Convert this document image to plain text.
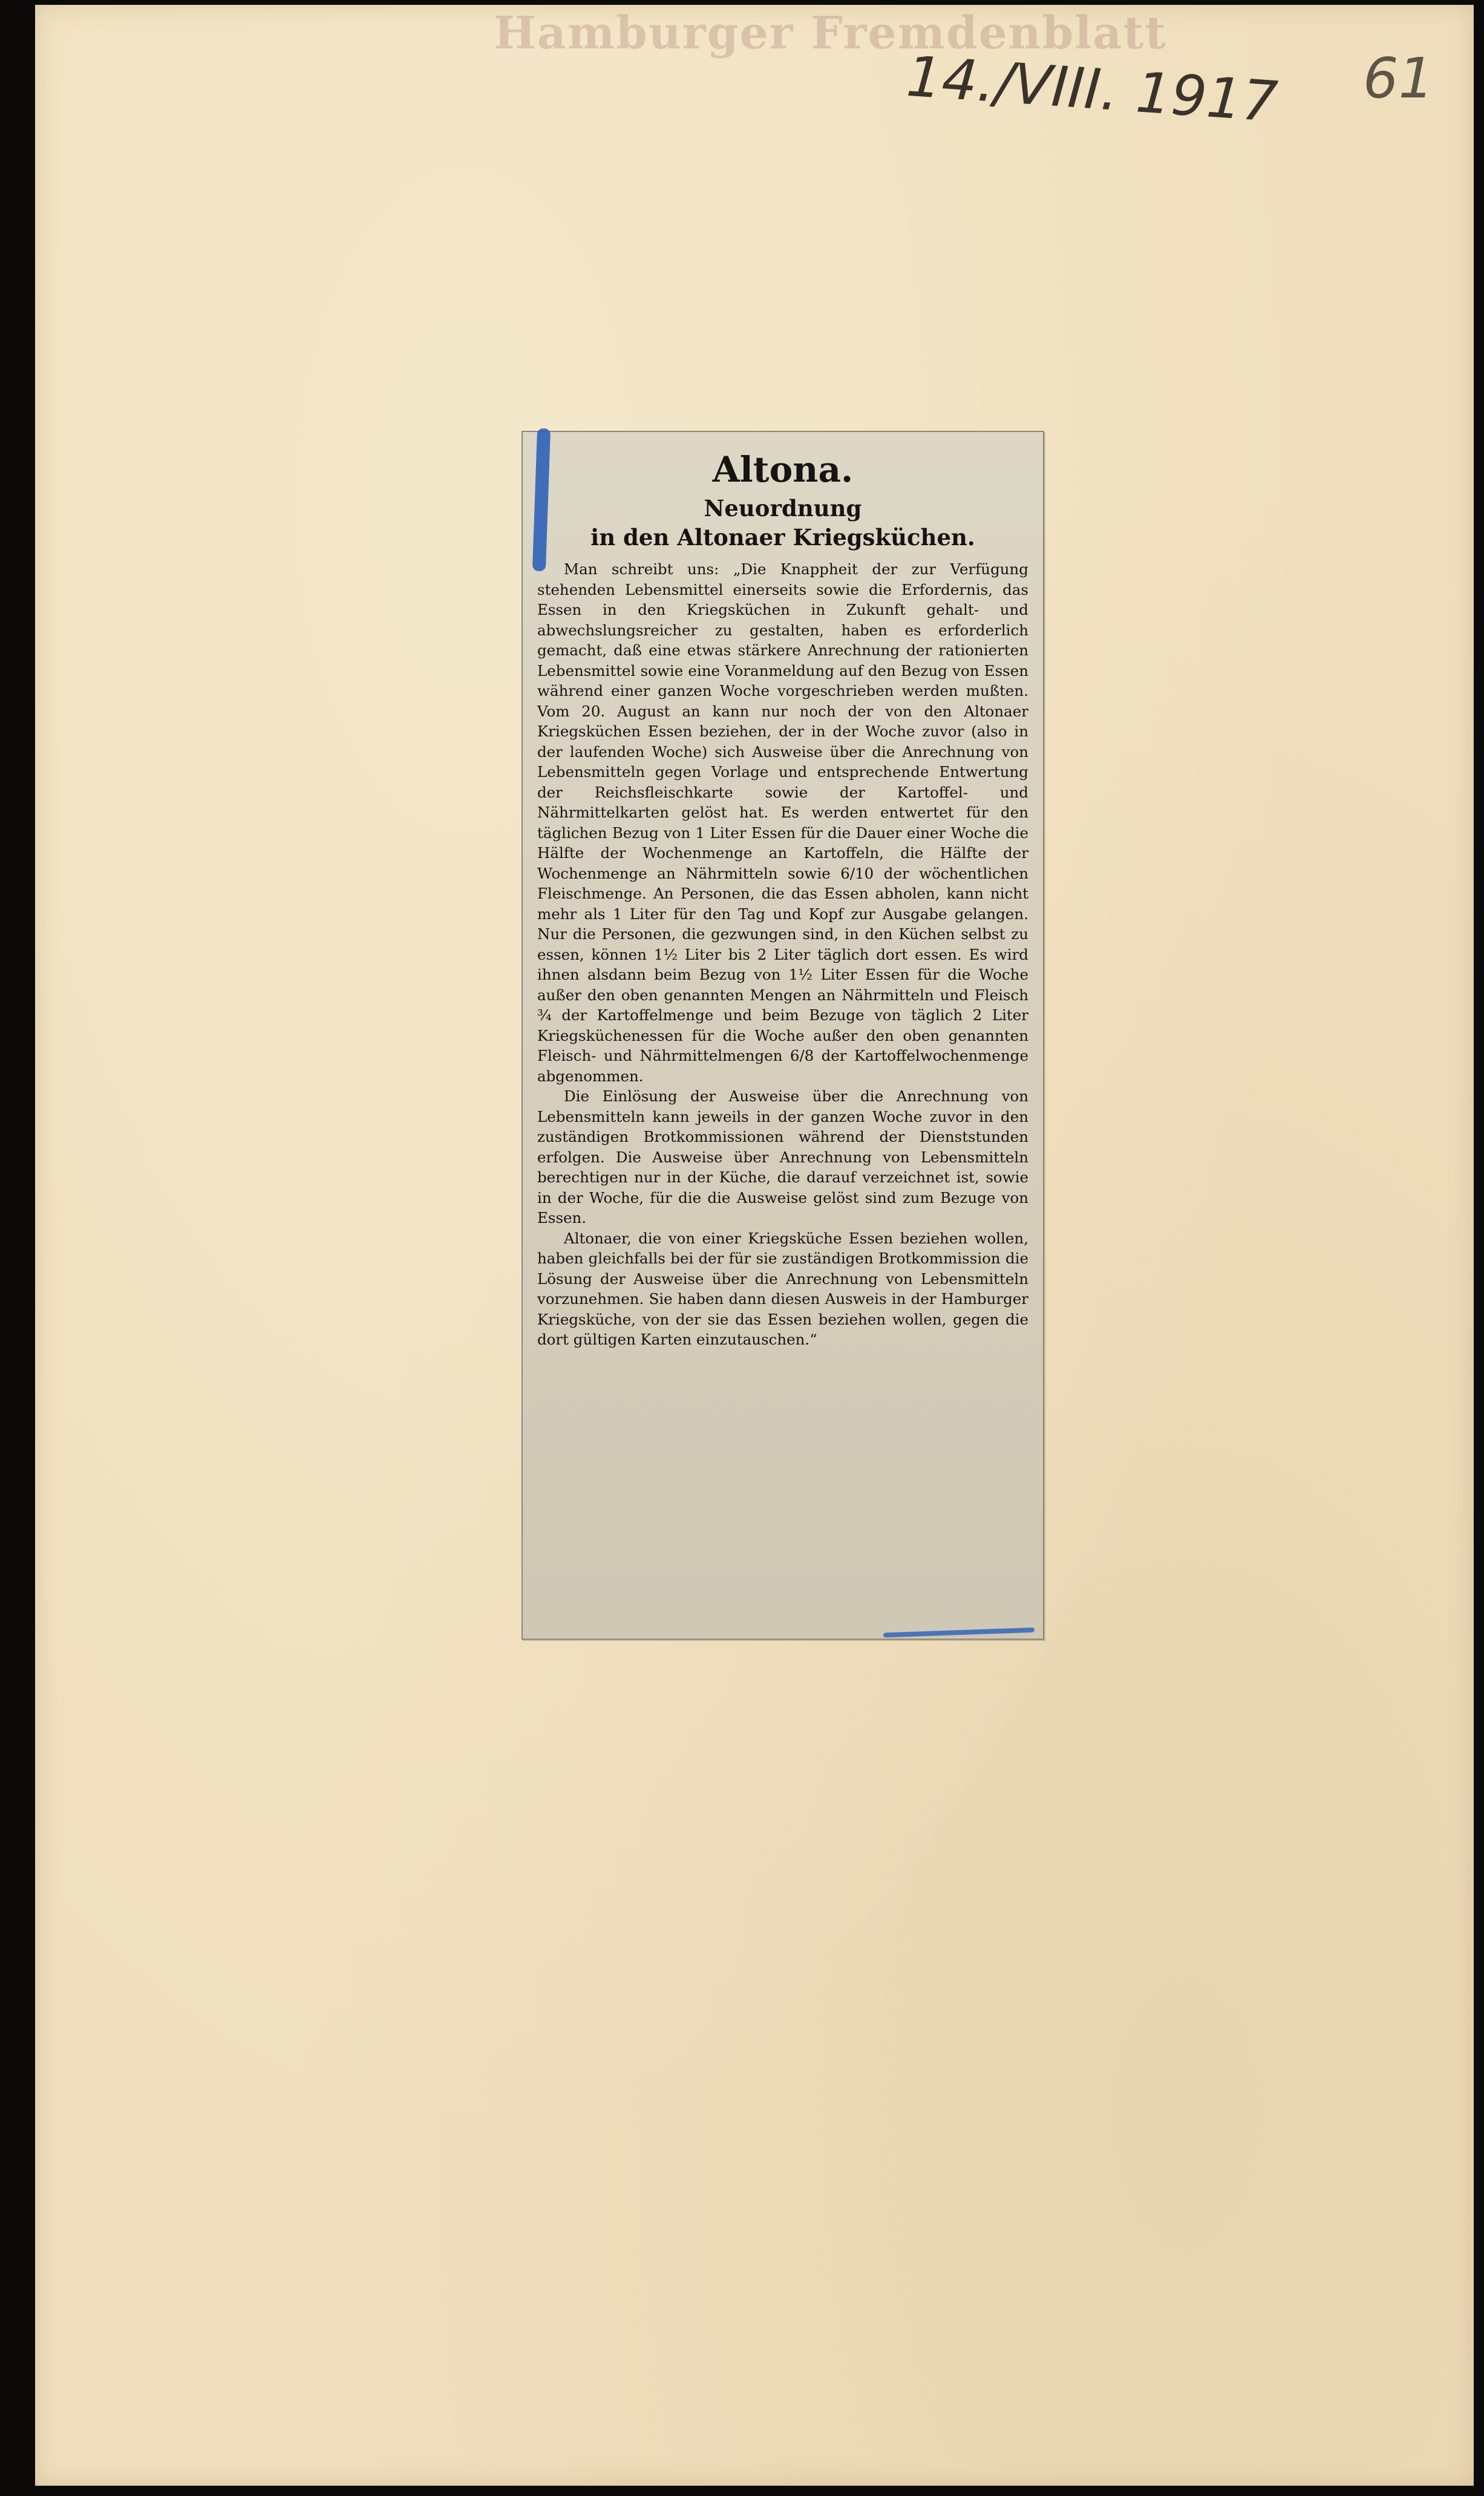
Hamburger Fremdenblatt
14./VIII. 1917 61
Altona.
Neuordnung
in den Altonaer Kriegsküchen.

Man schreibt uns: „Die Knappheit der zur Verfügung stehenden Lebensmittel einerseits sowie die Erfordernis, das Essen in den Kriegsküchen in Zukunft gehalt- und abwechslungsreicher zu gestalten, haben es erforderlich gemacht, daß eine etwas stärkere Anrechnung der rationierten Lebensmittel sowie eine Voranmeldung auf den Bezug von Essen während einer ganzen Woche vorgeschrieben werden mußten. Vom 20. August an kann nur noch der von den Altonaer Kriegsküchen Essen beziehen, der in der Woche zuvor (also in der laufenden Woche) sich Ausweise über die Anrechnung von Lebensmitteln gegen Vorlage und entsprechende Entwertung der Reichsfleischkarte sowie der Kartoffel- und Nährmittelkarten gelöst hat. Es werden entwertet für den täglichen Bezug von 1 Liter Essen für die Dauer einer Woche die Hälfte der Wochenmenge an Kartoffeln, die Hälfte der Wochenmenge an Nährmitteln sowie 6/10 der wöchentlichen Fleischmenge. An Personen, die das Essen abholen, kann nicht mehr als 1 Liter für den Tag und Kopf zur Ausgabe gelangen. Nur die Personen, die gezwungen sind, in den Küchen selbst zu essen, können 1½ Liter bis 2 Liter täglich dort essen. Es wird ihnen alsdann beim Bezug von 1½ Liter Essen für die Woche außer den oben genannten Mengen an Nährmitteln und Fleisch ¾ der Kartoffelmenge und beim Bezuge von täglich 2 Liter Kriegsküchenessen für die Woche außer den oben genannten Fleisch- und Nährmittelmengen 6/8 der Kartoffelwochenmenge abgenommen.

Die Einlösung der Ausweise über die Anrechnung von Lebensmitteln kann jeweils in der ganzen Woche zuvor in den zuständigen Brotkommissionen während der Dienststunden erfolgen. Die Ausweise über Anrechnung von Lebensmitteln berechtigen nur in der Küche, die darauf verzeichnet ist, sowie in der Woche, für die die Ausweise gelöst sind zum Bezuge von Essen.

Altonaer, die von einer Kriegsküche Essen beziehen wollen, haben gleichfalls bei der für sie zuständigen Brotkommission die Lösung der Ausweise über die Anrechnung von Lebensmitteln vorzunehmen. Sie haben dann diesen Ausweis in der Hamburger Kriegsküche, von der sie das Essen beziehen wollen, gegen die dort gültigen Karten einzutauschen.“
